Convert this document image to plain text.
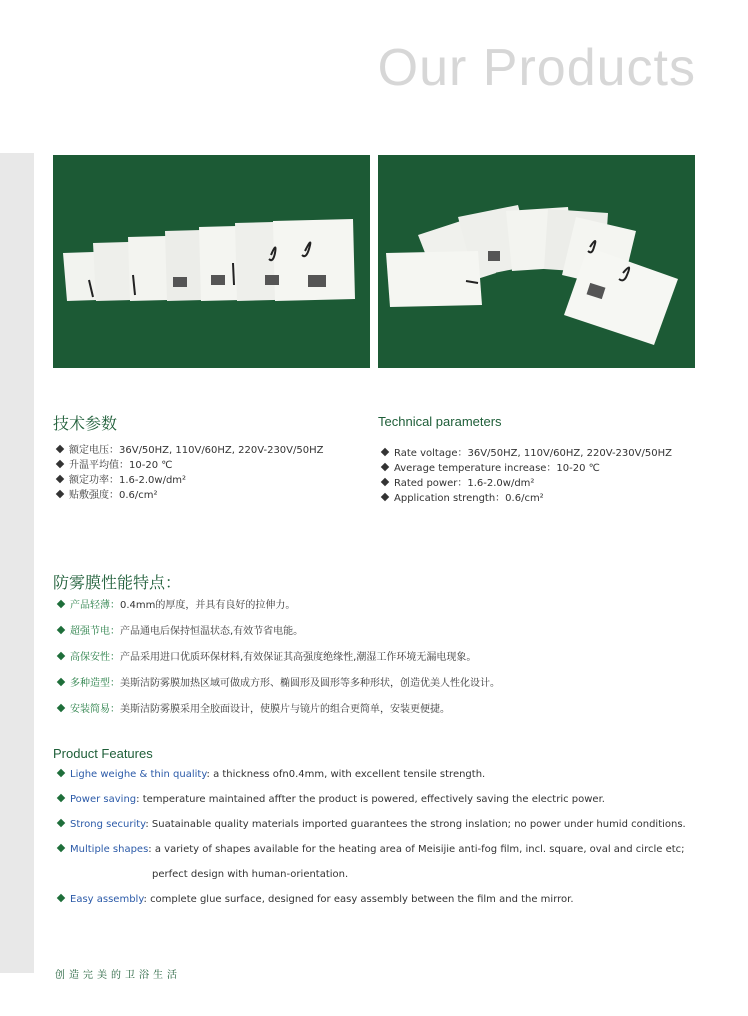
Our Products
技术参数
额定电压：36V/50HZ, 110V/60HZ, 220V-230V/50HZ
升温平均值：10-20 ℃
额定功率：1.6-2.0w/dm²
贴敷强度：0.6/cm²
Technical parameters
Rate voltage：36V/50HZ, 110V/60HZ, 220V-230V/50HZ
Average temperature increase：10-20 ℃
Rated power：1.6-2.0w/dm²
Application strength：0.6/cm²
防雾膜性能特点：
产品轻薄：0.4mm的厚度，并具有良好的拉伸力。
超强节电：产品通电后保持恒温状态,有效节省电能。
高保安性：产品采用进口优质环保材料,有效保证其高强度绝缘性,潮湿工作环境无漏电现象。
多种造型：美斯洁防雾膜加热区域可做成方形、椭圆形及圆形等多种形状，创造优美人性化设计。
安装简易：美斯洁防雾膜采用全胶面设计，使膜片与镜片的组合更简单，安装更便捷。
Product Features
Lighe weighe & thin quality: a thickness ofn0.4mm, with excellent tensile strength.
Power saving: temperature maintained affter the product is powered, effectively saving the electric power.
Strong security: Suatainable quality materials imported guarantees the strong inslation; no power under humid conditions.
Multiple shapes: a variety of shapes available for the heating area of Meisijie anti-fog film, incl. square, oval and circle etc;
perfect design with human-orientation.
Easy assembly: complete glue surface, designed for easy assembly between the film and the mirror.
创造完美的卫浴生活
